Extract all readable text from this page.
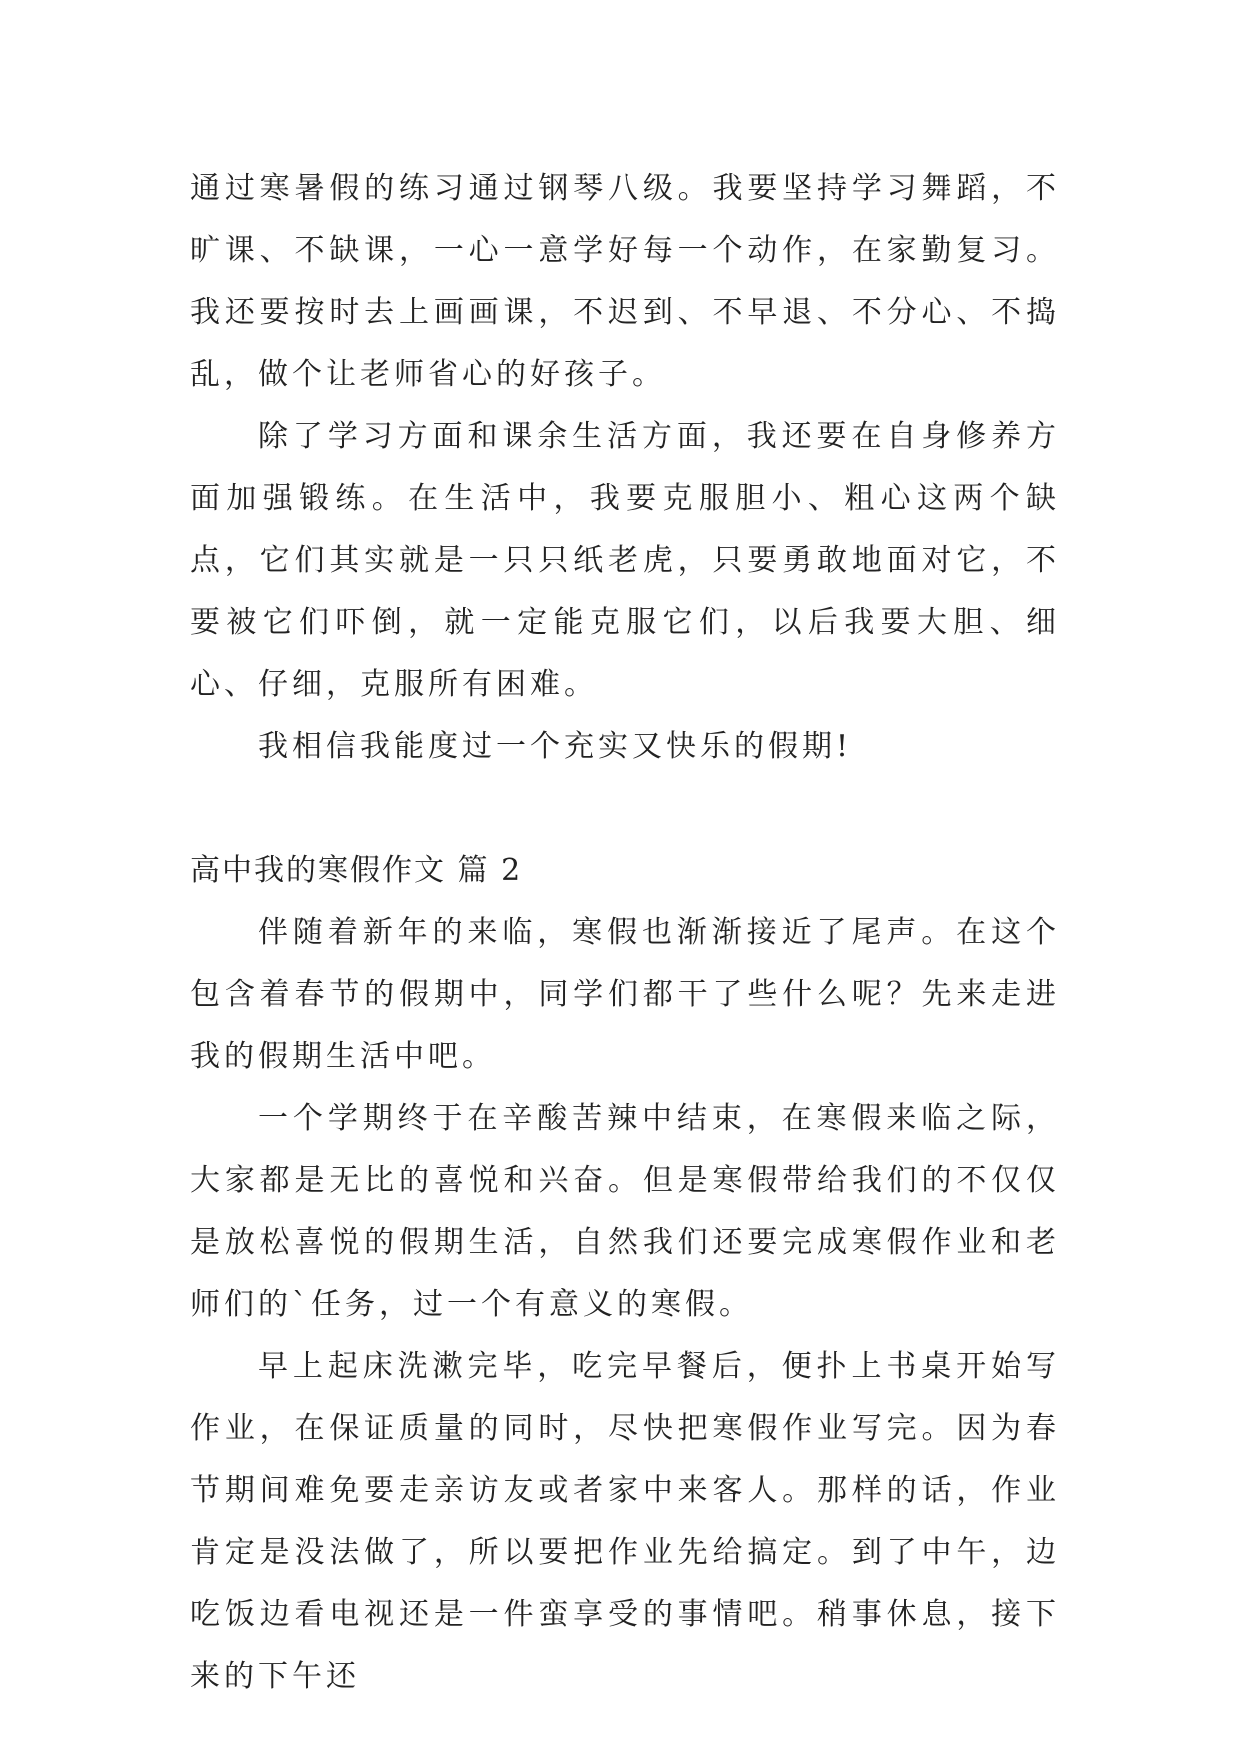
通过寒暑假的练习通过钢琴八级。我要坚持学习舞蹈，不旷课、不缺课，一心一意学好每一个动作，在家勤复习。我还要按时去上画画课，不迟到、不早退、不分心、不捣乱，做个让老师省心的好孩子。

除了学习方面和课余生活方面，我还要在自身修养方面加强锻练。在生活中，我要克服胆小、粗心这两个缺点，它们其实就是一只只纸老虎，只要勇敢地面对它，不要被它们吓倒，就一定能克服它们，以后我要大胆、细心、仔细，克服所有困难。

我相信我能度过一个充实又快乐的假期!

高中我的寒假作文 篇 2

伴随着新年的来临，寒假也渐渐接近了尾声。在这个包含着春节的假期中，同学们都干了些什么呢？先来走进我的假期生活中吧。

一个学期终于在辛酸苦辣中结束，在寒假来临之际，大家都是无比的喜悦和兴奋。但是寒假带给我们的不仅仅是放松喜悦的假期生活，自然我们还要完成寒假作业和老师们的`任务，过一个有意义的寒假。

早上起床洗漱完毕，吃完早餐后，便扑上书桌开始写作业，在保证质量的同时，尽快把寒假作业写完。因为春节期间难免要走亲访友或者家中来客人。那样的话，作业肯定是没法做了，所以要把作业先给搞定。到了中午，边吃饭边看电视还是一件蛮享受的事情吧。稍事休息，接下来的下午还
